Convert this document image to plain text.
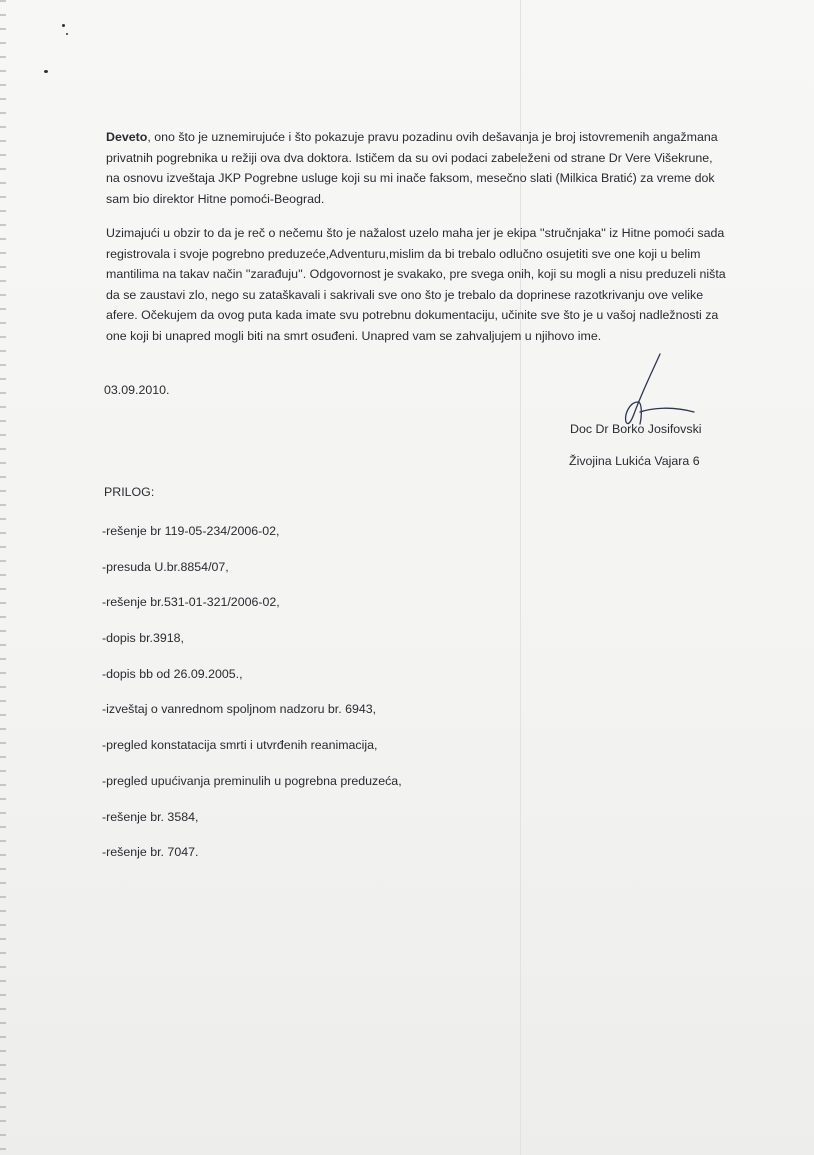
Deveto, ono što je uznemirujuće i što pokazuje pravu pozadinu ovih dešavanja je broj istovremenih angažmana privatnih pogrebnika u režiji ova dva doktora. Ističem da su ovi podaci zabeleženi od strane Dr Vere Višekrune, na osnovu izveštaja JKP Pogrebne usluge koji su mi inače faksom, mesečno slati (Milkica Bratić) za vreme dok sam bio direktor Hitne pomoći-Beograd.

Uzimajući u obzir to da je reč o nečemu što je nažalost uzelo maha jer je ekipa ''stručnjaka'' iz Hitne pomoći sada registrovala i svoje pogrebno preduzeće,Adventuru,mislim da bi trebalo odlučno osujetiti sve one koji u belim mantilima na takav način ''zarađuju''. Odgovornost je svakako, pre svega onih, koji su mogli a nisu preduzeli ništa da se zaustavi zlo, nego su zataškavali i sakrivali sve ono što je trebalo da doprinese razotkrivanju ove velike afere. Očekujem da ovog puta kada imate svu potrebnu dokumentaciju, učinite sve što je u vašoj nadležnosti za one koji bi unapred mogli biti na smrt osuđeni. Unapred vam se zahvaljujem u njihovo ime.

03.09.2010.
Doc Dr Borko Josifovski
Živojina Lukića Vajara 6
PRILOG:
-rešenje br 119-05-234/2006-02,
-presuda U.br.8854/07,
-rešenje br.531-01-321/2006-02,
-dopis br.3918,
-dopis bb od 26.09.2005.,
-izveštaj o vanrednom spoljnom nadzoru br. 6943,
-pregled konstatacija smrti i utvrđenih reanimacija,
-pregled upućivanja preminulih u pogrebna preduzeća,
-rešenje br. 3584,
-rešenje br. 7047.
